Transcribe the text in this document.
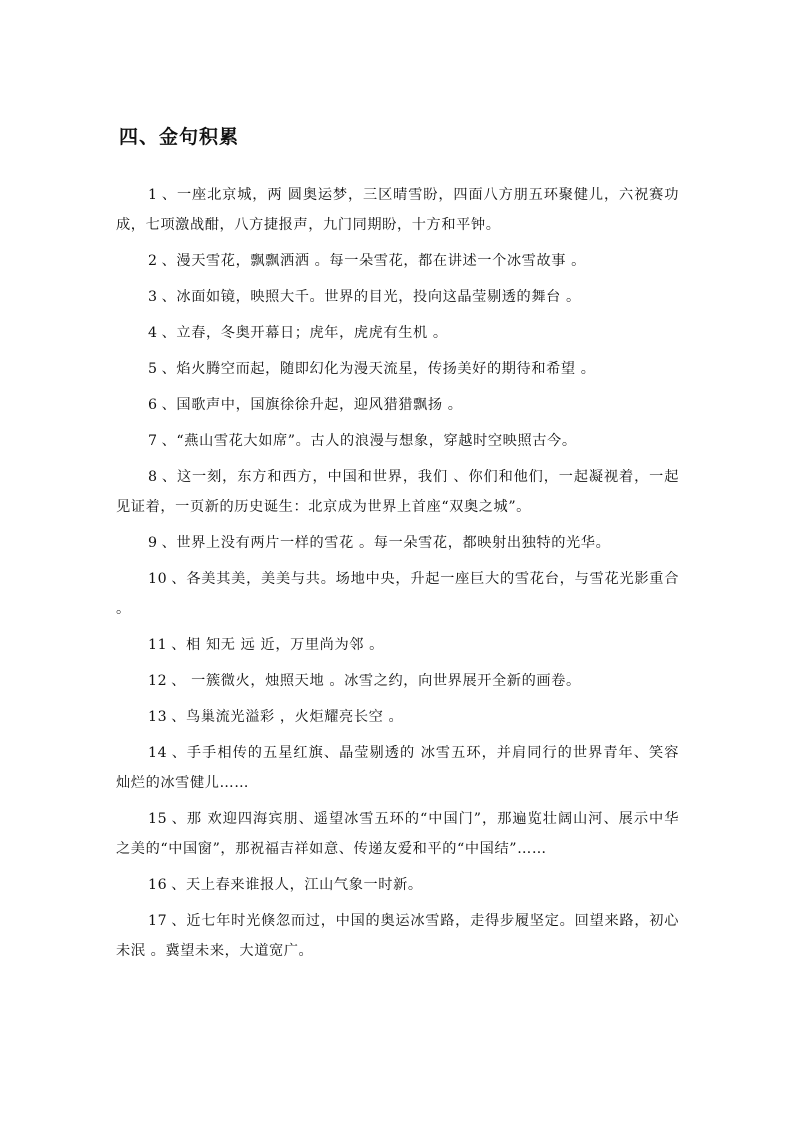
四、金句积累
1 、一座北京城，两 圆奥运梦，三区晴雪盼，四面八方朋五环聚健儿，六祝赛功成，七项激战酣，八方捷报声，九门同期盼，十方和平钟。
2 、漫天雪花，飘飘洒洒 。每一朵雪花，都在讲述一个冰雪故事 。
3 、冰面如镜，映照大千。世界的目光，投向这晶莹剔透的舞台 。
4 、立春，冬奥开幕日；虎年，虎虎有生机 。
5 、焰火腾空而起，随即幻化为漫天流星，传扬美好的期待和希望 。
6 、国歌声中，国旗徐徐升起，迎风猎猎飘扬 。
7 、“燕山雪花大如席”。古人的浪漫与想象，穿越时空映照古今。
8 、这一刻，东方和西方，中国和世界，我们 、你们和他们，一起凝视着，一起见证着，一页新的历史诞生：北京成为世界上首座“双奥之城”。
9 、世界上没有两片一样的雪花 。每一朵雪花，都映射出独特的光华。
10 、各美其美，美美与共。场地中央，升起一座巨大的雪花台，与雪花光影重合 。
11 、相 知无 远 近，万里尚为邻 。
12 、 一簇微火，烛照天地 。冰雪之约，向世界展开全新的画卷。
13 、鸟巢流光溢彩 ，火炬耀亮长空 。
14 、手手相传的五星红旗、晶莹剔透的 冰雪五环，并肩同行的世界青年、笑容灿烂的冰雪健儿……
15 、那 欢迎四海宾朋、遥望冰雪五环的“中国门”，那遍览壮阔山河、展示中华之美的“中国窗”，那祝福吉祥如意、传递友爱和平的“中国结”……
16 、天上春来谁报人，江山气象一时新。
17 、近七年时光倏忽而过，中国的奥运冰雪路，走得步履坚定。回望来路，初心未泯 。冀望未来，大道宽广。
